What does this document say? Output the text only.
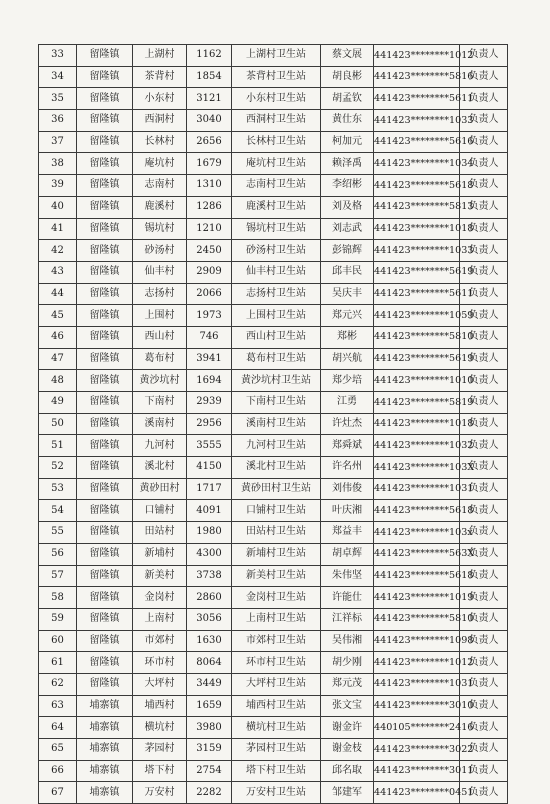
33	留隆镇	上湖村	1162	上湖村卫生站	蔡文展	441423********1012	负责人
34	留隆镇	茶背村	1854	茶背村卫生站	胡良彬	441423********5816	负责人
35	留隆镇	小东村	3121	小东村卫生站	胡孟钦	441423********5611	负责人
36	留隆镇	西洞村	3040	西洞村卫生站	黄仕东	441423********1033	负责人
37	留隆镇	长林村	2656	长林村卫生站	柯加元	441423********5616	负责人
38	留隆镇	庵坑村	1679	庵坑村卫生站	赖泽禹	441423********1034	负责人
39	留隆镇	志南村	1310	志南村卫生站	李绍彬	441423********5618	负责人
40	留隆镇	鹿溪村	1286	鹿溪村卫生站	刘及格	441423********5813	负责人
41	留隆镇	锡坑村	1210	锡坑村卫生站	刘志武	441423********1018	负责人
42	留隆镇	砂汤村	2450	砂汤村卫生站	彭锦辉	441423********1033	负责人
43	留隆镇	仙丰村	2909	仙丰村卫生站	邱丰民	441423********5619	负责人
44	留隆镇	志扬村	2066	志扬村卫生站	吴庆丰	441423********5611	负责人
45	留隆镇	上围村	1973	上围村卫生站	郑元兴	441423********1059	负责人
46	留隆镇	西山村	746	西山村卫生站	郑彬	441423********5810	负责人
47	留隆镇	葛布村	3941	葛布村卫生站	胡兴航	441423********5619	负责人
48	留隆镇	黄沙坑村	1694	黄沙坑村卫生站	郑少培	441423********1010	负责人
49	留隆镇	下南村	2939	下南村卫生站	江勇	441423********5819	负责人
50	留隆镇	溪南村	2956	溪南村卫生站	许灶杰	441423********1018	负责人
51	留隆镇	九河村	3555	九河村卫生站	郑舜斌	441423********1032	负责人
52	留隆镇	溪北村	4150	溪北村卫生站	许名州	441423********103X	负责人
53	留隆镇	黄砂田村	1717	黄砂田村卫生站	刘伟俊	441423********1031	负责人
54	留隆镇	口铺村	4091	口铺村卫生站	叶庆湘	441423********5618	负责人
55	留隆镇	田站村	1980	田站村卫生站	郑益丰	441423********103x	负责人
56	留隆镇	新埔村	4300	新埔村卫生站	胡卓辉	441423********563X	负责人
57	留隆镇	新美村	3738	新美村卫生站	朱伟坚	441423********5618	负责人
58	留隆镇	金岗村	2860	金岗村卫生站	许能仕	441423********1019	负责人
59	留隆镇	上南村	3056	上南村卫生站	江祥标	441423********5810	负责人
60	留隆镇	市郊村	1630	市郊村卫生站	吴伟湘	441423********1098	负责人
61	留隆镇	环市村	8064	环市村卫生站	胡少刚	441423********1012	负责人
62	留隆镇	大坪村	3449	大坪村卫生站	郑元茂	441423********1031	负责人
63	埔寨镇	埔西村	1659	埔西村卫生站	张文宝	441423********3010	负责人
64	埔寨镇	横坑村	3980	横坑村卫生站	谢金许	440105********2416	负责人
65	埔寨镇	茅园村	3159	茅园村卫生站	谢金枝	441423********3022	负责人
66	埔寨镇	塔下村	2754	塔下村卫生站	邱名取	441423********3011	负责人
67	埔寨镇	万安村	2282	万安村卫生站	邹建军	441423********0451	负责人
